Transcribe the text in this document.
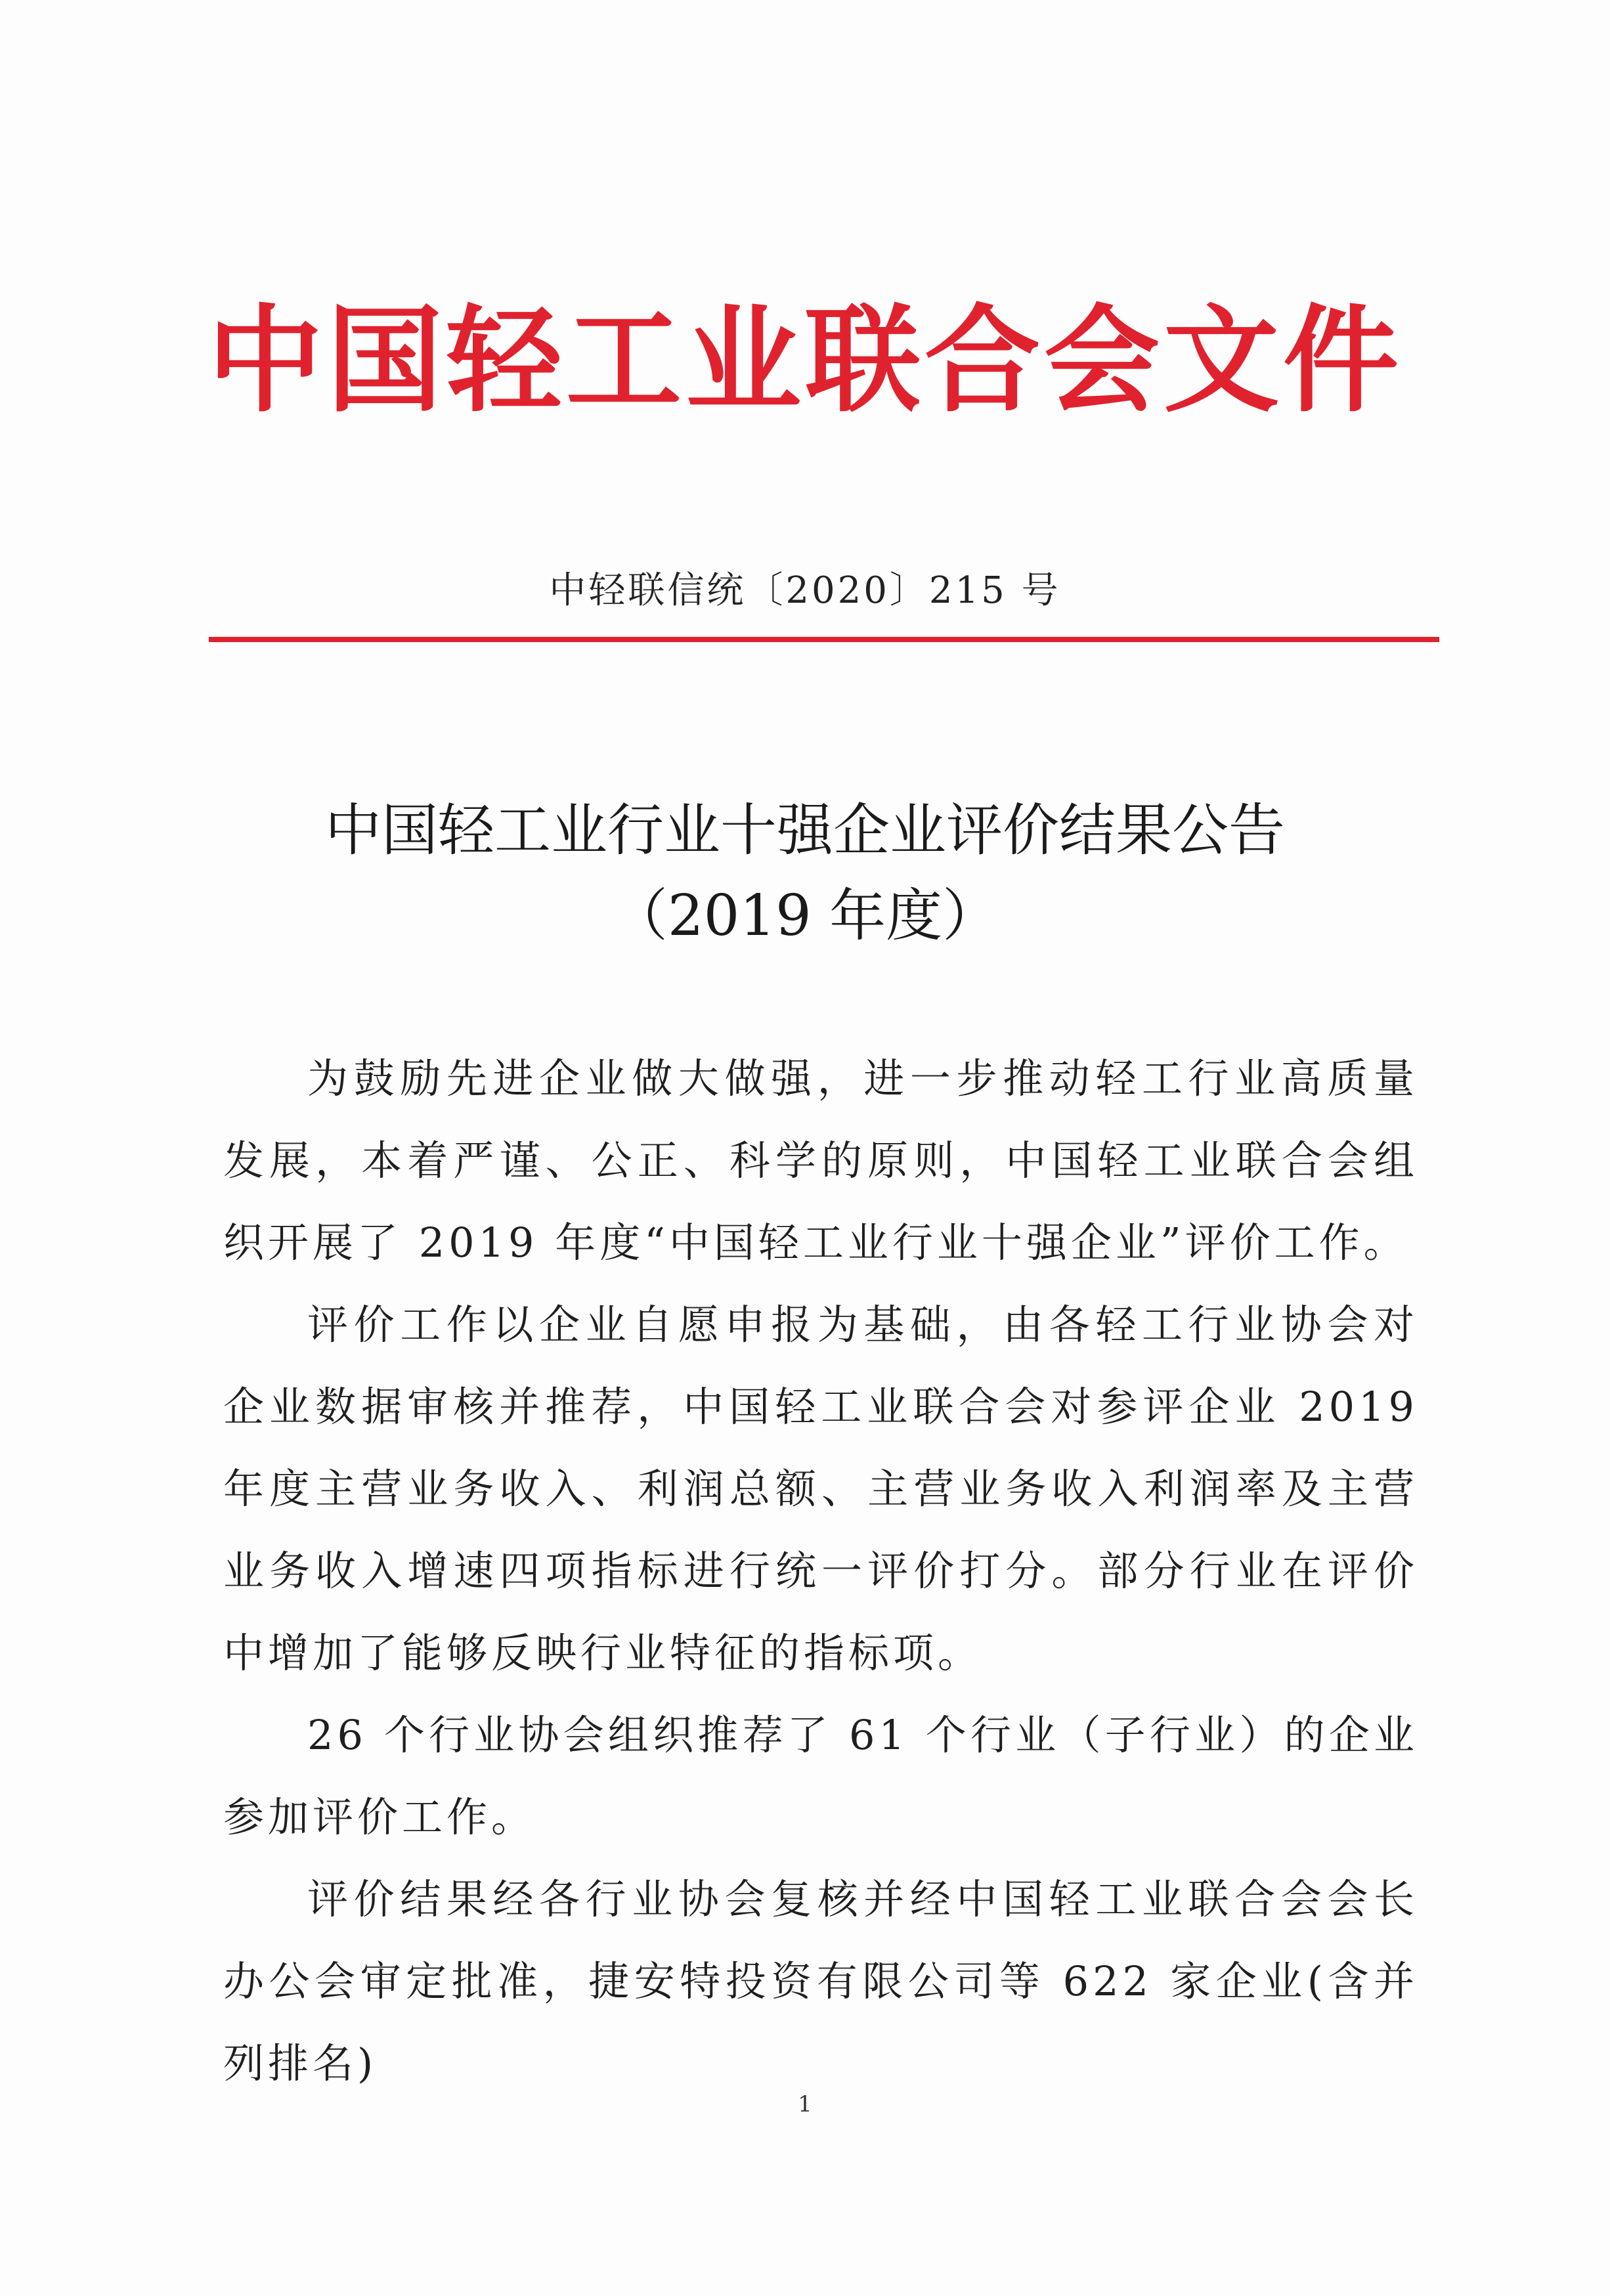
中国轻工业联合会文件
中轻联信统〔2020〕215 号
中国轻工业行业十强企业评价结果公告
（2019 年度）

为鼓励先进企业做大做强，进一步推动轻工行业高质量发展，本着严谨、公正、科学的原则，中国轻工业联合会组织开展了 2019 年度“中国轻工业行业十强企业”评价工作。

评价工作以企业自愿申报为基础，由各轻工行业协会对企业数据审核并推荐，中国轻工业联合会对参评企业 2019 年度主营业务收入、利润总额、主营业务收入利润率及主营业务收入增速四项指标进行统一评价打分。部分行业在评价中增加了能够反映行业特征的指标项。

26 个行业协会组织推荐了 61 个行业（子行业）的企业参加评价工作。

评价结果经各行业协会复核并经中国轻工业联合会会长办公会审定批准，捷安特投资有限公司等 622 家企业(含并列排名)

1
